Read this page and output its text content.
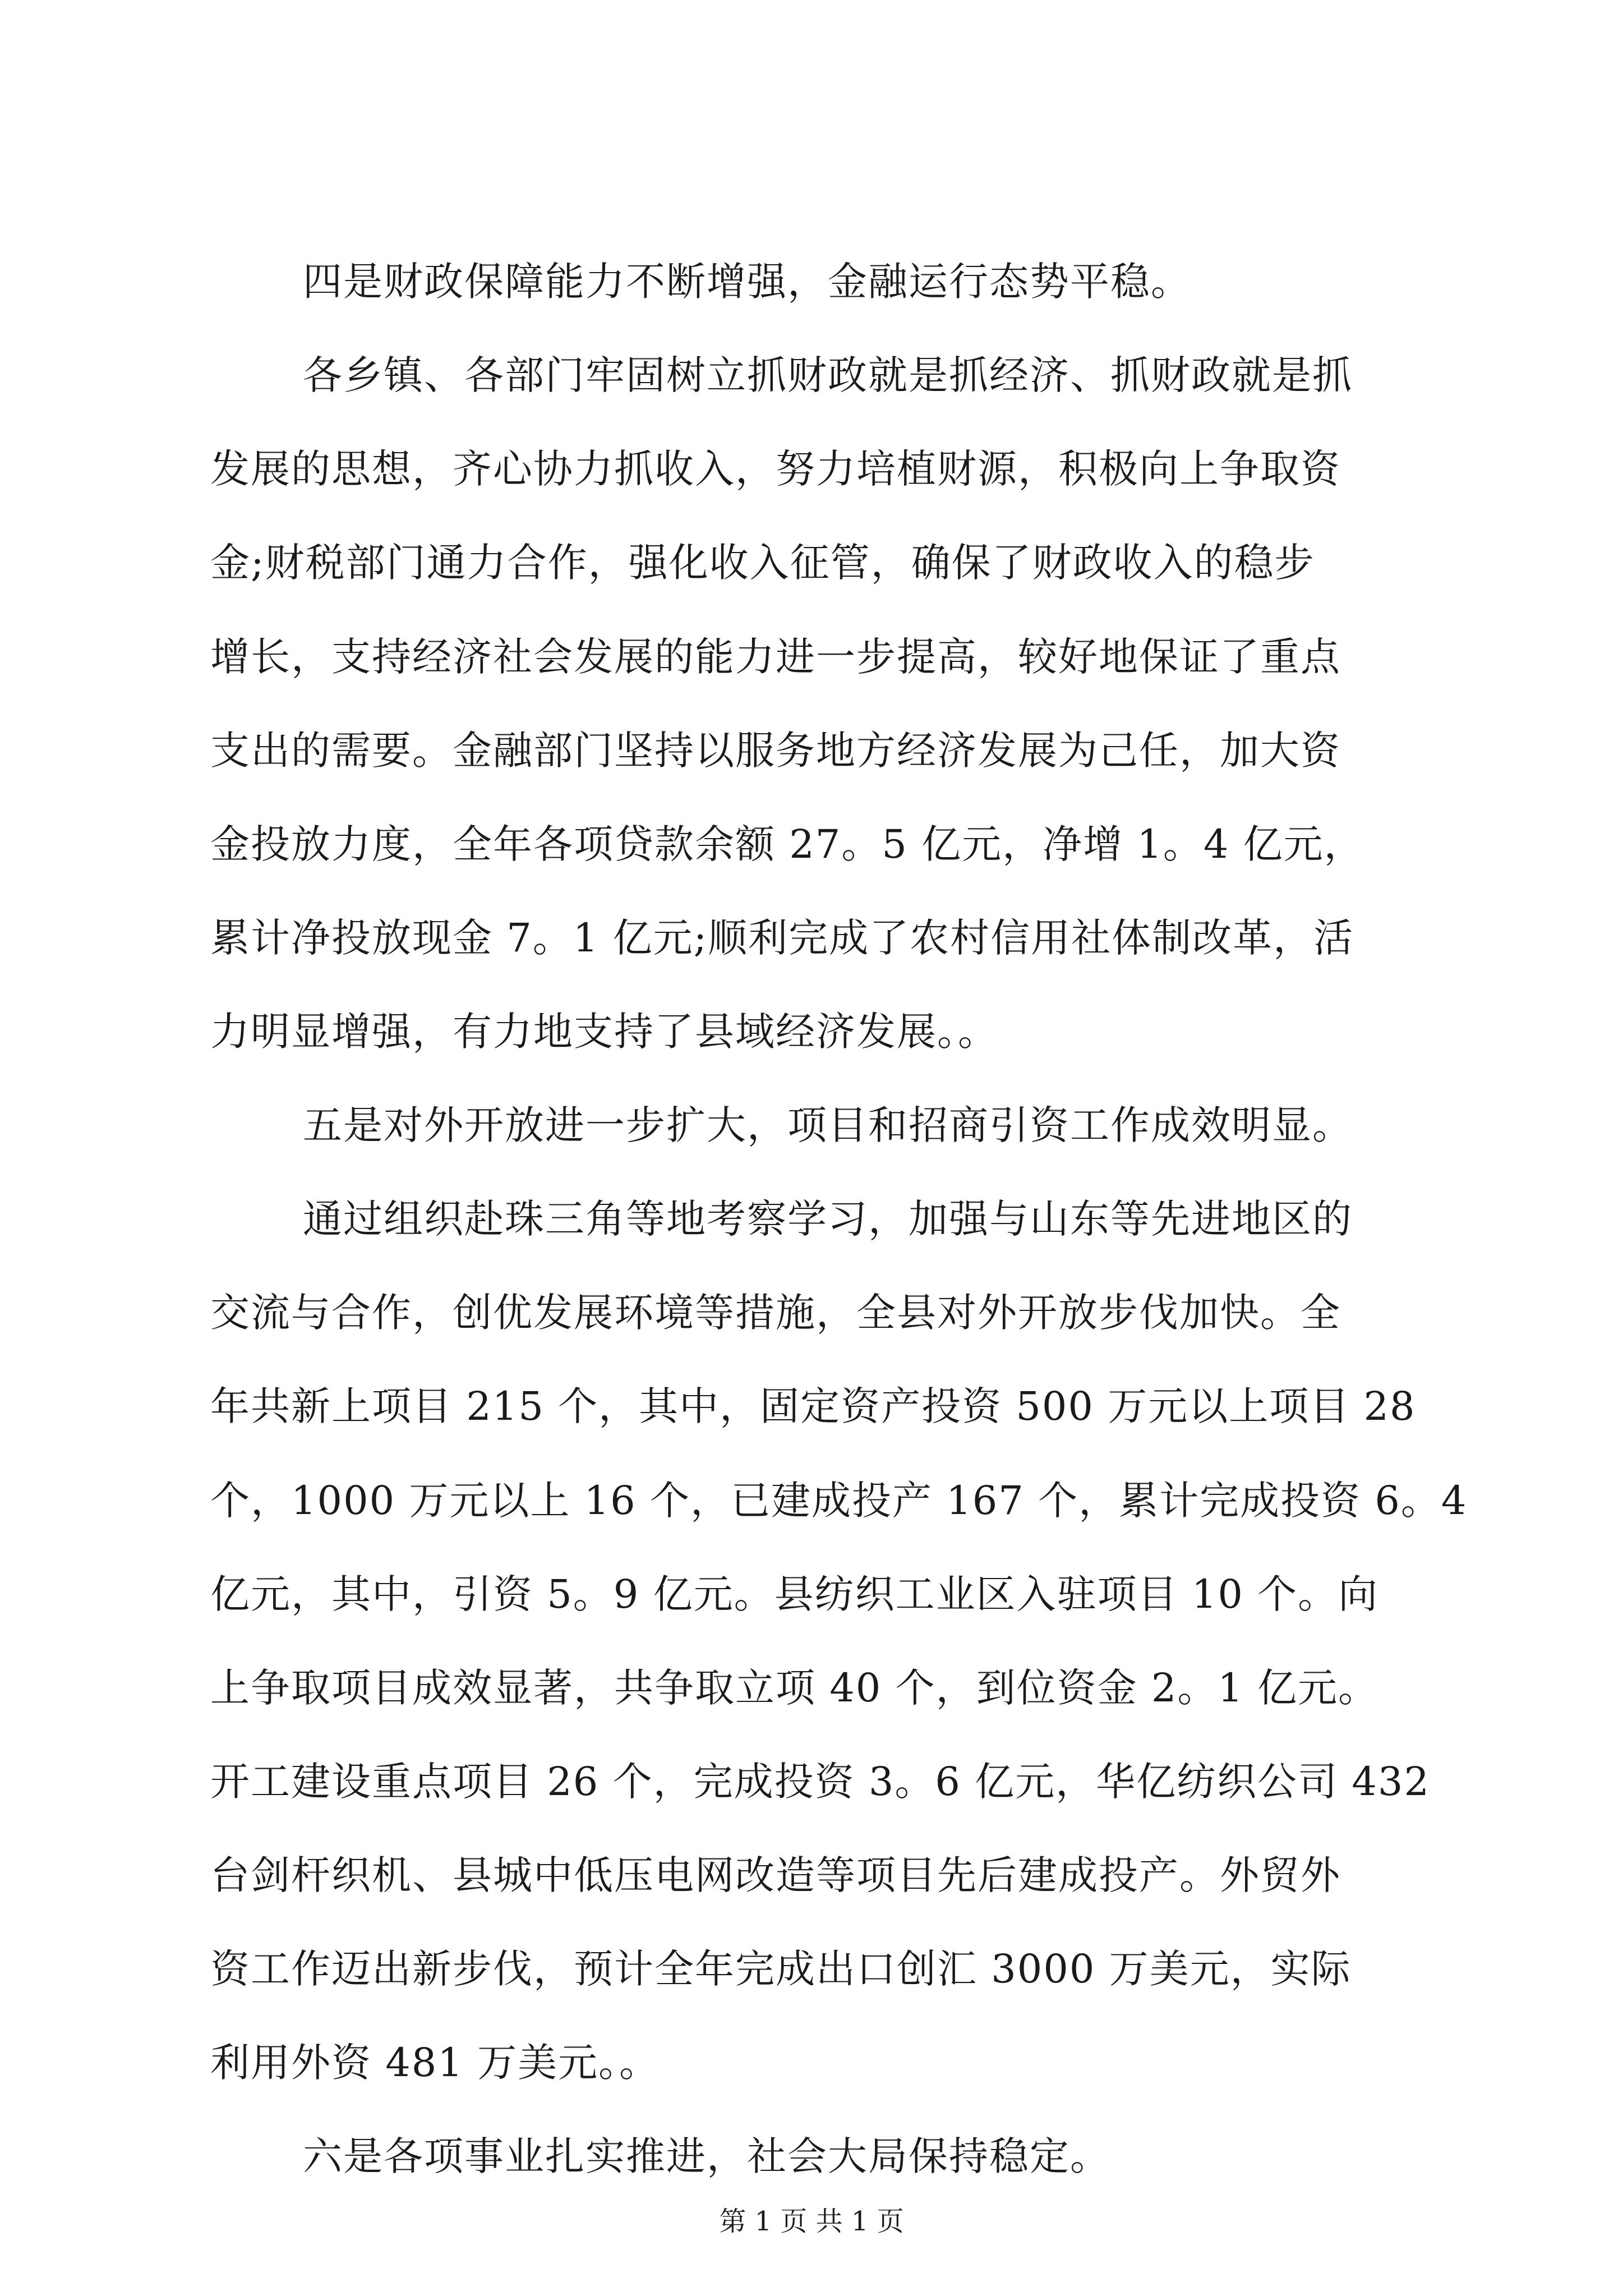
四是财政保障能力不断增强，金融运行态势平稳。
各乡镇、各部门牢固树立抓财政就是抓经济、抓财政就是抓
发展的思想，齐心协力抓收入，努力培植财源，积极向上争取资
金;财税部门通力合作，强化收入征管，确保了财政收入的稳步
增长，支持经济社会发展的能力进一步提高，较好地保证了重点
支出的需要。金融部门坚持以服务地方经济发展为己任，加大资
金投放力度，全年各项贷款余额 27。5 亿元，净增 1。4 亿元，
累计净投放现金 7。1 亿元;顺利完成了农村信用社体制改革，活
力明显增强，有力地支持了县域经济发展。。
五是对外开放进一步扩大，项目和招商引资工作成效明显。
通过组织赴珠三角等地考察学习，加强与山东等先进地区的
交流与合作，创优发展环境等措施，全县对外开放步伐加快。全
年共新上项目 215 个，其中，固定资产投资 500 万元以上项目 28
个，1000 万元以上 16 个，已建成投产 167 个，累计完成投资 6。4
亿元，其中，引资 5。9 亿元。县纺织工业区入驻项目 10 个。向
上争取项目成效显著，共争取立项 40 个，到位资金 2。1 亿元。
开工建设重点项目 26 个，完成投资 3。6 亿元，华亿纺织公司 432
台剑杆织机、县城中低压电网改造等项目先后建成投产。外贸外
资工作迈出新步伐，预计全年完成出口创汇 3000 万美元，实际
利用外资 481 万美元。。
六是各项事业扎实推进，社会大局保持稳定。
第 1 页 共 1 页
